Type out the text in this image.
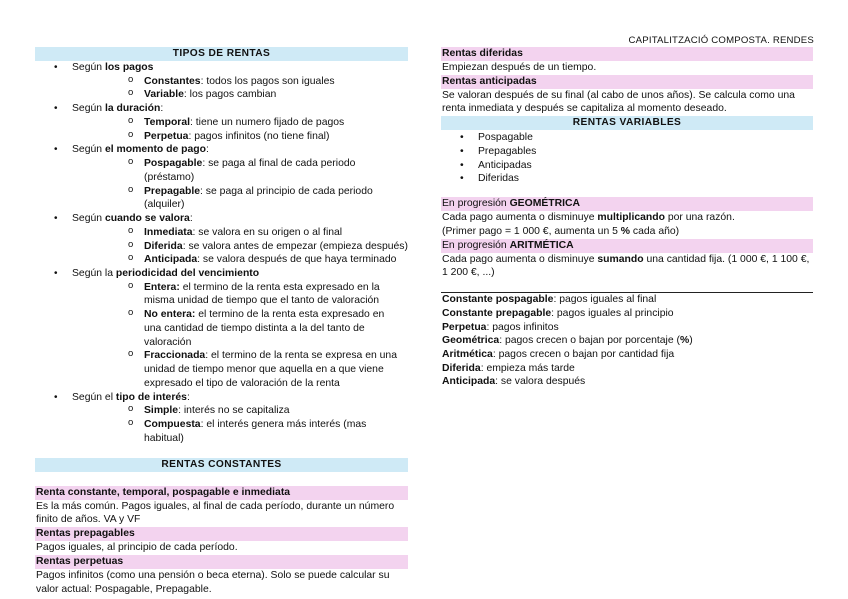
CAPITALITZACIÓ COMPOSTA. RENDES
TIPOS DE RENTAS
• Según los pagos
o Constantes: todos los pagos son iguales
o Variable: los pagos cambian
• Según la duración:
o Temporal: tiene un numero fijado de pagos
o Perpetua: pagos infinitos (no tiene final)
• Según el momento de pago:
o Pospagable: se paga al final de cada periodo (préstamo)
o Prepagable: se paga al principio de cada periodo (alquiler)
• Según cuando se valora:
o Inmediata: se valora en su origen o al final
o Diferida: se valora antes de empezar (empieza después)
o Anticipada: se valora después de que haya terminado
• Según la periodicidad del vencimiento
o Entera: el termino de la renta esta expresado en la misma unidad de tiempo que el tanto de valoración
o No entera: el termino de la renta esta expresado en una cantidad de tiempo distinta a la del tanto de valoración
o Fraccionada: el termino de la renta se expresa en una unidad de tiempo menor que aquella en a que viene expresado el tipo de valoración de la renta
• Según el tipo de interés:
o Simple: interés no se capitaliza
o Compuesta: el interés genera más interés (mas habitual)
RENTAS CONSTANTES
Renta constante, temporal, pospagable e inmediata
Es la más común. Pagos iguales, al final de cada período, durante un número finito de años. VA y VF
Rentas prepagables
Pagos iguales, al principio de cada período.
Rentas perpetuas
Pagos infinitos (como una pensión o beca eterna). Solo se puede calcular su valor actual: Pospagable, Prepagable.
Rentas diferidas
Empiezan después de un tiempo.
Rentas anticipadas
Se valoran después de su final (al cabo de unos años). Se calcula como una renta inmediata y después se capitaliza al momento deseado.
RENTAS VARIABLES
• Pospagable
• Prepagables
• Anticipadas
• Diferidas
En progresión GEOMÉTRICA
Cada pago aumenta o disminuye multiplicando por una razón.
(Primer pago = 1 000 €, aumenta un 5 % cada año)
En progresión ARITMÉTICA
Cada pago aumenta o disminuye sumando una cantidad fija. (1 000 €, 1 100 €, 1 200 €, ...)
Constante pospagable: pagos iguales al final
Constante prepagable: pagos iguales al principio
Perpetua: pagos infinitos
Geométrica: pagos crecen o bajan por porcentaje (%)
Aritmética: pagos crecen o bajan por cantidad fija
Diferida: empieza más tarde
Anticipada: se valora después
